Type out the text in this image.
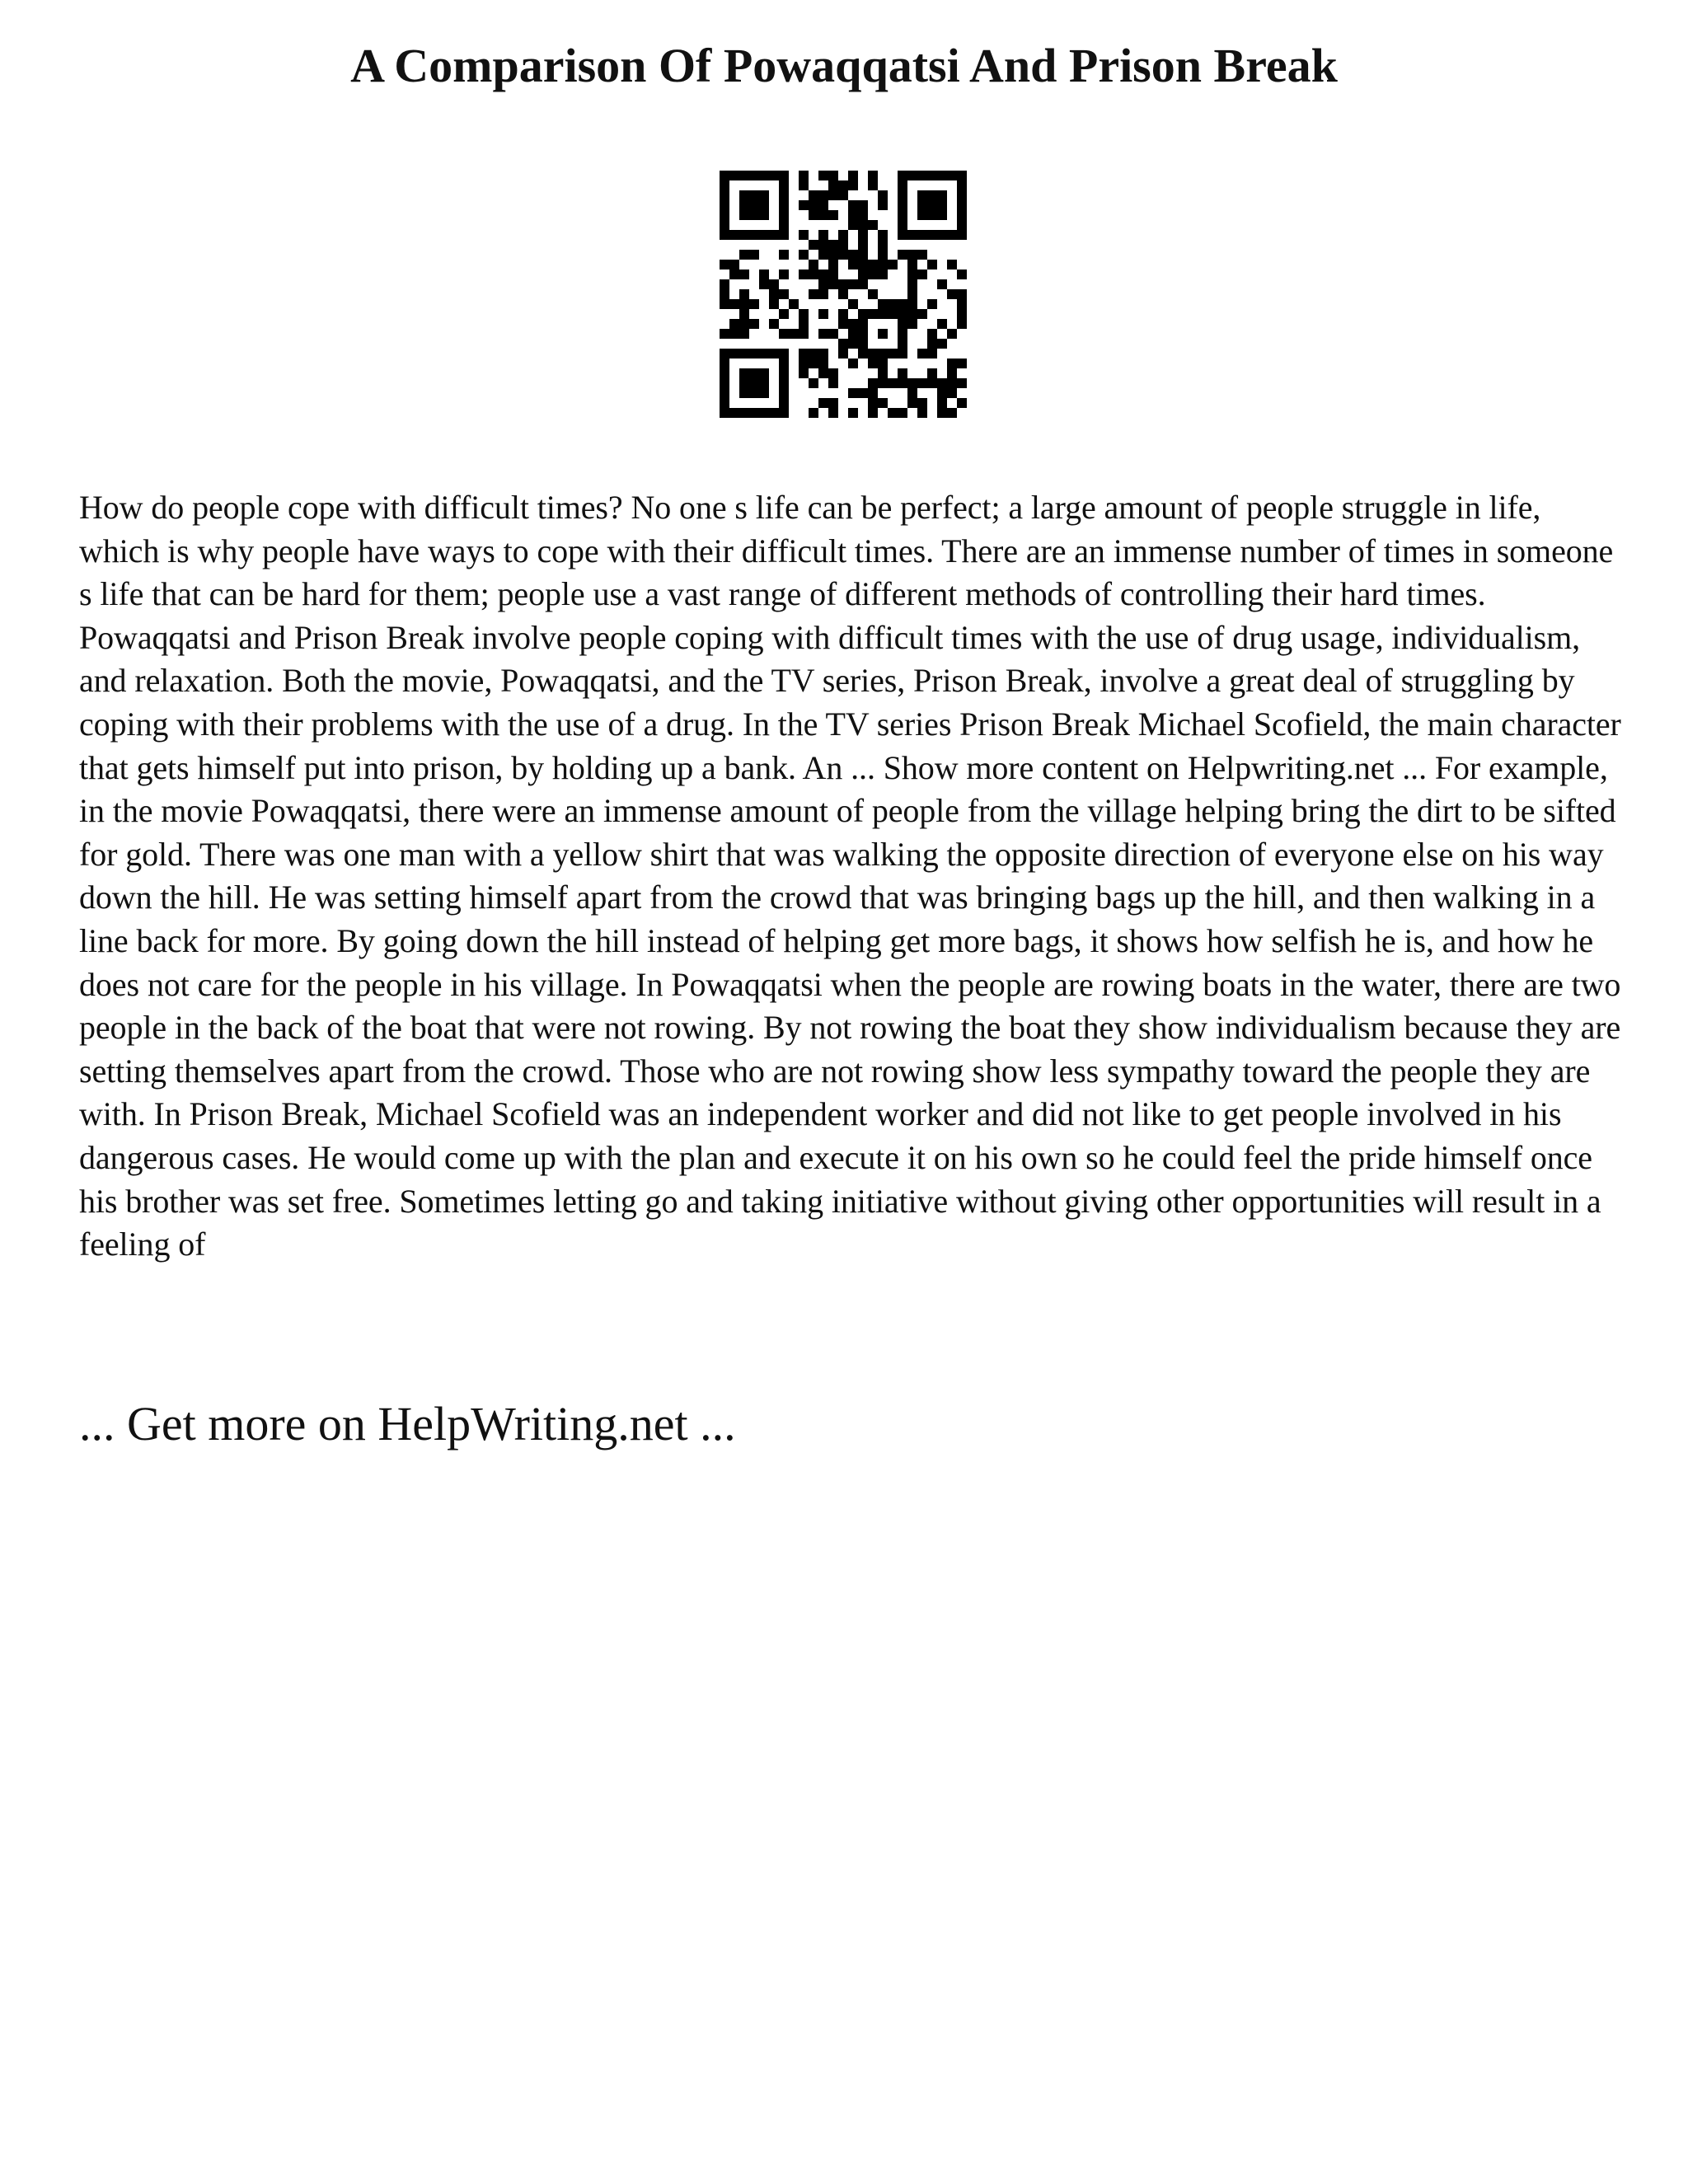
A Comparison Of Powaqqatsi And Prison Break

How do people cope with difficult times? No one s life can be perfect; a large amount of people struggle in life, which is why people have ways to cope with their difficult times. There are an immense number of times in someone s life that can be hard for them; people use a vast range of different methods of controlling their hard times. Powaqqatsi and Prison Break involve people coping with difficult times with the use of drug usage, individualism, and relaxation. Both the movie, Powaqqatsi, and the TV series, Prison Break, involve a great deal of struggling by coping with their problems with the use of a drug. In the TV series Prison Break Michael Scofield, the main character that gets himself put into prison, by holding up a bank. An ... Show more content on Helpwriting.net ... For example, in the movie Powaqqatsi, there were an immense amount of people from the village helping bring the dirt to be sifted for gold. There was one man with a yellow shirt that was walking the opposite direction of everyone else on his way down the hill. He was setting himself apart from the crowd that was bringing bags up the hill, and then walking in a line back for more. By going down the hill instead of helping get more bags, it shows how selfish he is, and how he does not care for the people in his village. In Powaqqatsi when the people are rowing boats in the water, there are two people in the back of the boat that were not rowing. By not rowing the boat they show individualism because they are setting themselves apart from the crowd. Those who are not rowing show less sympathy toward the people they are with. In Prison Break, Michael Scofield was an independent worker and did not like to get people involved in his dangerous cases. He would come up with the plan and execute it on his own so he could feel the pride himself once his brother was set free. Sometimes letting go and taking initiative without giving other opportunities will result in a feeling of

... Get more on HelpWriting.net ...
